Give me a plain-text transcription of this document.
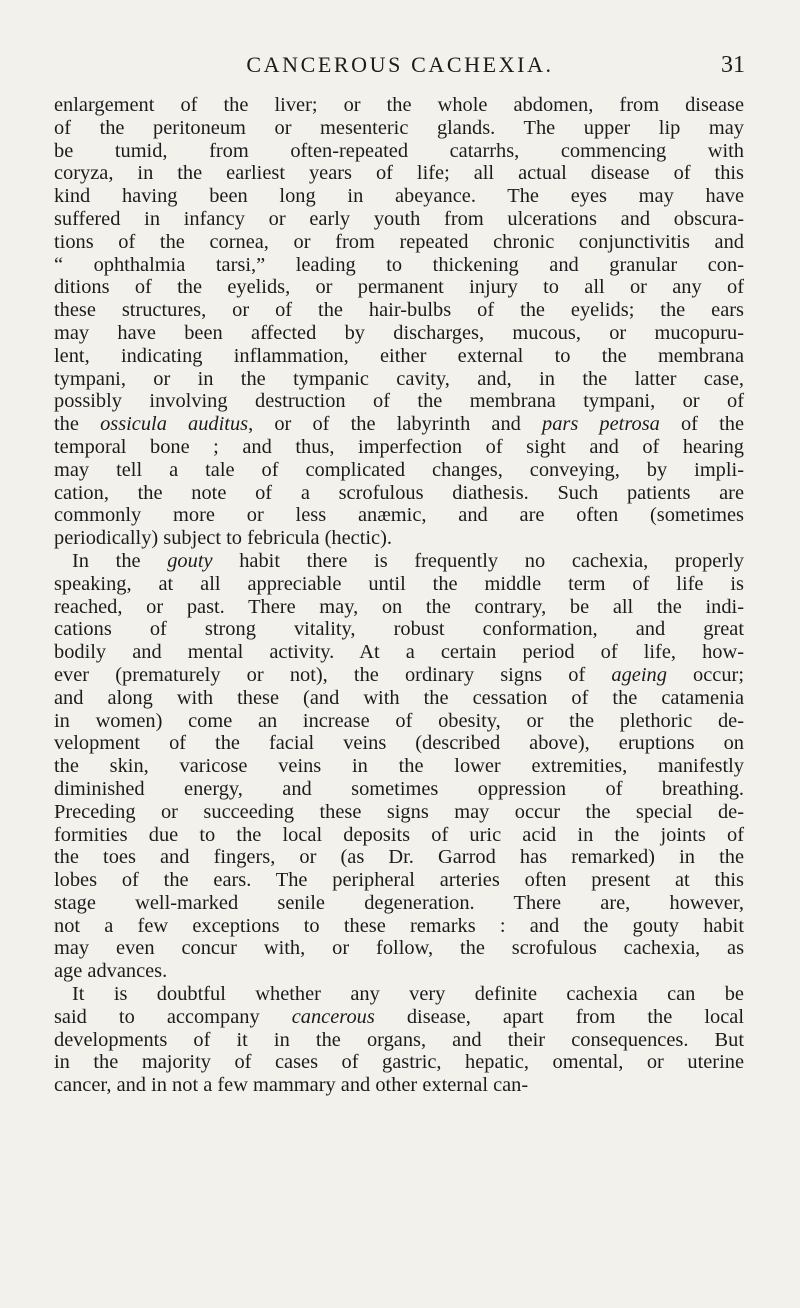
CANCEROUS CACHEXIA.	31
enlargement of the liver; or the whole abdomen, from disease
of the peritoneum or mesenteric glands. The upper lip may
be tumid, from often-repeated catarrhs, commencing with
coryza, in the earliest years of life; all actual disease of this
kind having been long in abeyance. The eyes may have
suffered in infancy or early youth from ulcerations and obscura-
tions of the cornea, or from repeated chronic conjunctivitis and
“ ophthalmia tarsi,” leading to thickening and granular con-
ditions of the eyelids, or permanent injury to all or any of
these structures, or of the hair-bulbs of the eyelids; the ears
may have been affected by discharges, mucous, or mucopuru-
lent, indicating inflammation, either external to the membrana
tympani, or in the tympanic cavity, and, in the latter case,
possibly involving destruction of the membrana tympani, or of
the ossicula auditus, or of the labyrinth and pars petrosa of the
temporal bone ; and thus, imperfection of sight and of hearing
may tell a tale of complicated changes, conveying, by impli-
cation, the note of a scrofulous diathesis. Such patients are
commonly more or less anæmic, and are often (sometimes
periodically) subject to febricula (hectic).
In the gouty habit there is frequently no cachexia, properly
speaking, at all appreciable until the middle term of life is
reached, or past. There may, on the contrary, be all the indi-
cations of strong vitality, robust conformation, and great
bodily and mental activity. At a certain period of life, how-
ever (prematurely or not), the ordinary signs of ageing occur;
and along with these (and with the cessation of the catamenia
in women) come an increase of obesity, or the plethoric de-
velopment of the facial veins (described above), eruptions on
the skin, varicose veins in the lower extremities, manifestly
diminished energy, and sometimes oppression of breathing.
Preceding or succeeding these signs may occur the special de-
formities due to the local deposits of uric acid in the joints of
the toes and fingers, or (as Dr. Garrod has remarked) in the
lobes of the ears. The peripheral arteries often present at this
stage well-marked senile degeneration. There are, however,
not a few exceptions to these remarks : and the gouty habit
may even concur with, or follow, the scrofulous cachexia, as
age advances.
It is doubtful whether any very definite cachexia can be
said to accompany cancerous disease, apart from the local
developments of it in the organs, and their consequences. But
in the majority of cases of gastric, hepatic, omental, or uterine
cancer, and in not a few mammary and other external can-
